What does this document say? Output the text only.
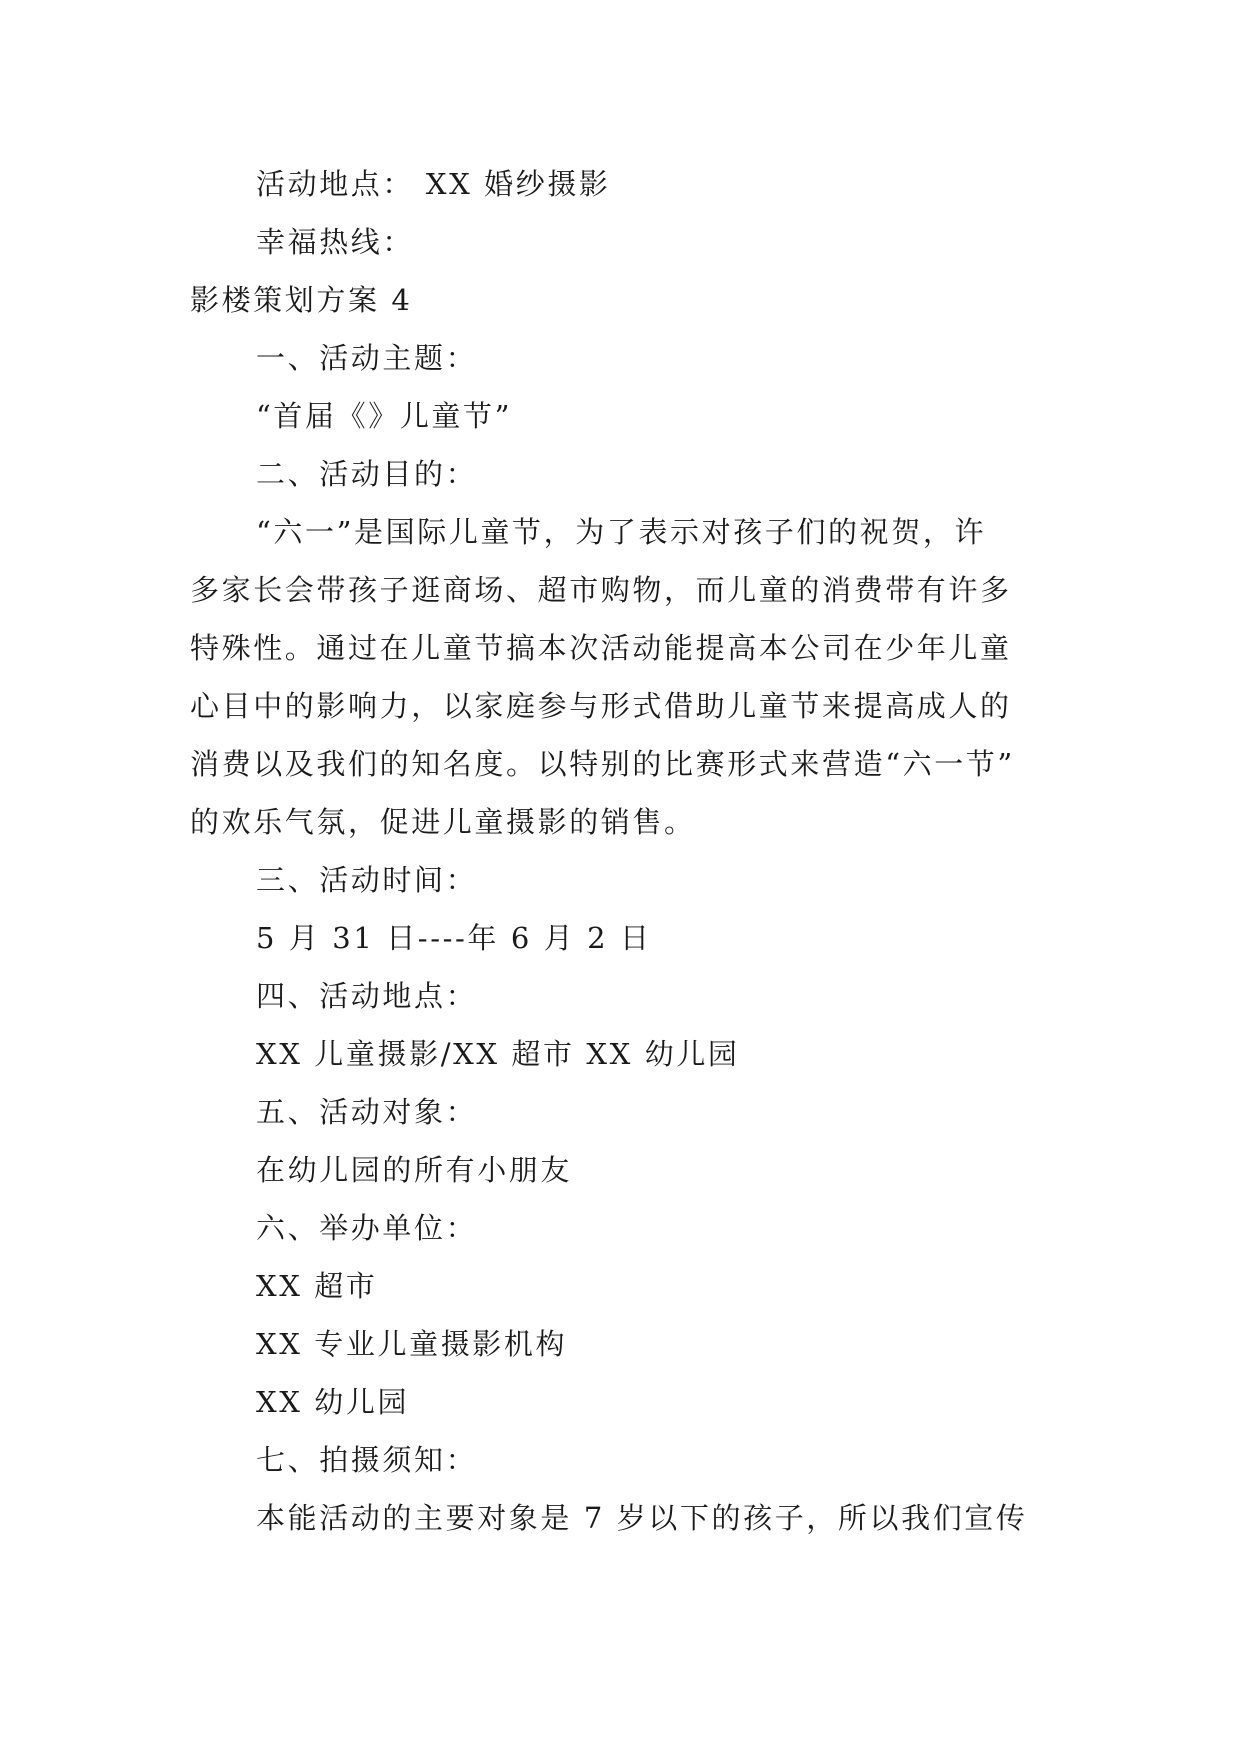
活动地点： XX 婚纱摄影
幸福热线：
影楼策划方案 4
一、活动主题：
“首届《》儿童节”
二、活动目的：
“六一”是国际儿童节，为了表示对孩子们的祝贺，许
多家长会带孩子逛商场、超市购物，而儿童的消费带有许多
特殊性。通过在儿童节搞本次活动能提高本公司在少年儿童
心目中的影响力，以家庭参与形式借助儿童节来提高成人的
消费以及我们的知名度。以特别的比赛形式来营造“六一节”
的欢乐气氛，促进儿童摄影的销售。
三、活动时间：
5 月 31 日----年 6 月 2 日
四、活动地点：
XX 儿童摄影/XX 超市 XX 幼儿园
五、活动对象：
在幼儿园的所有小朋友
六、举办单位：
XX 超市
XX 专业儿童摄影机构
XX 幼儿园
七、拍摄须知：
本能活动的主要对象是 7 岁以下的孩子，所以我们宣传
